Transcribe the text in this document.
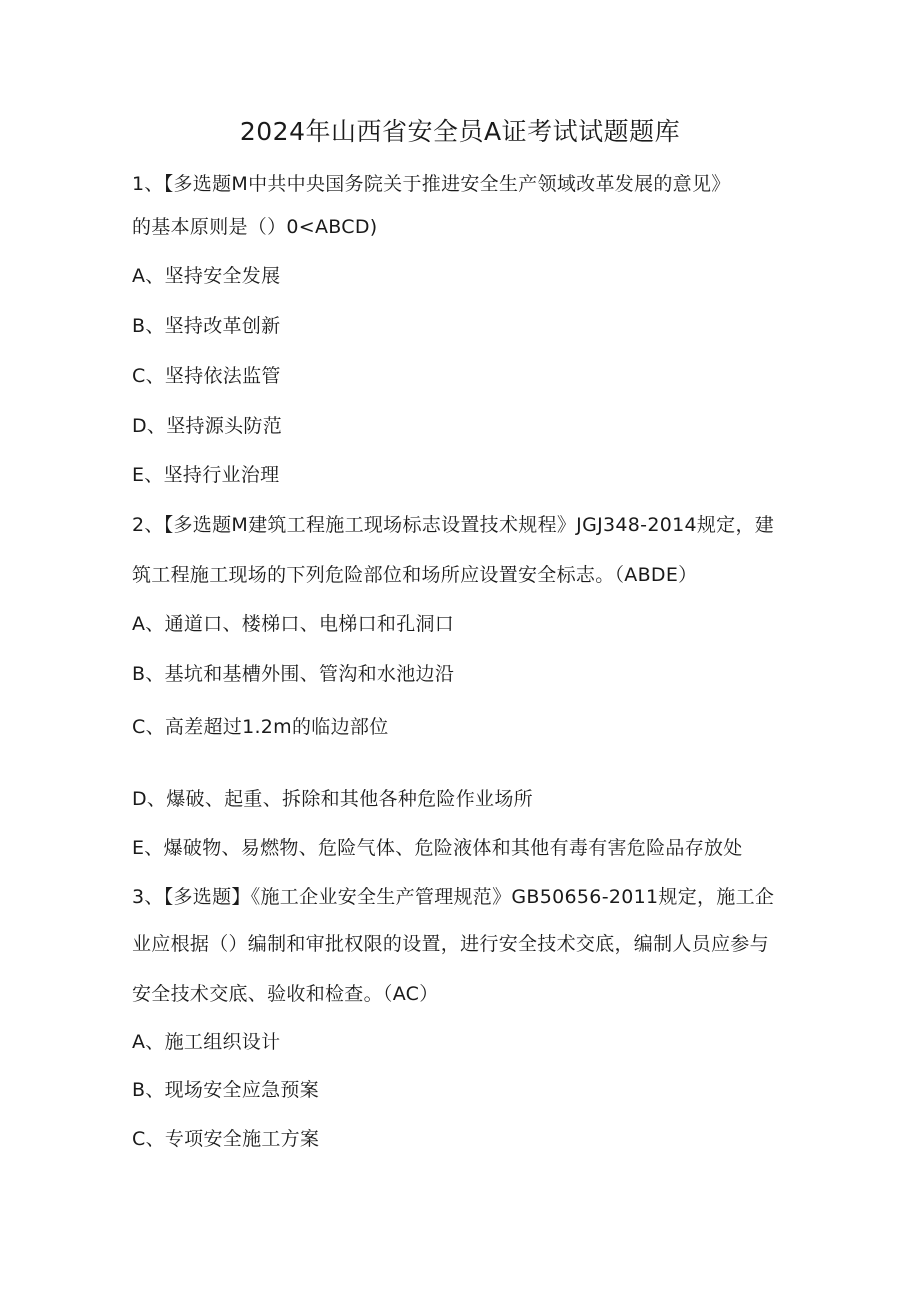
2024年山西省安全员A证考试试题题库
1、【多选题M中共中央国务院关于推进安全生产领域改革发展的意见》
的基本原则是（）0<ABCD)
A、坚持安全发展
B、坚持改革创新
C、坚持依法监管
D、坚持源头防范
E、坚持行业治理
2、【多选题M建筑工程施工现场标志设置技术规程》JGJ348-2014规定，建
筑工程施工现场的下列危险部位和场所应设置安全标志。（ABDE）
A、通道口、楼梯口、电梯口和孔洞口
B、基坑和基槽外围、管沟和水池边沿
C、高差超过1.2m的临边部位
D、爆破、起重、拆除和其他各种危险作业场所
E、爆破物、易燃物、危险气体、危险液体和其他有毒有害危险品存放处
3、【多选题】《施工企业安全生产管理规范》GB50656-2011规定，施工企
业应根据（）编制和审批权限的设置，进行安全技术交底，编制人员应参与
安全技术交底、验收和检查。（AC）
A、施工组织设计
B、现场安全应急预案
C、专项安全施工方案
